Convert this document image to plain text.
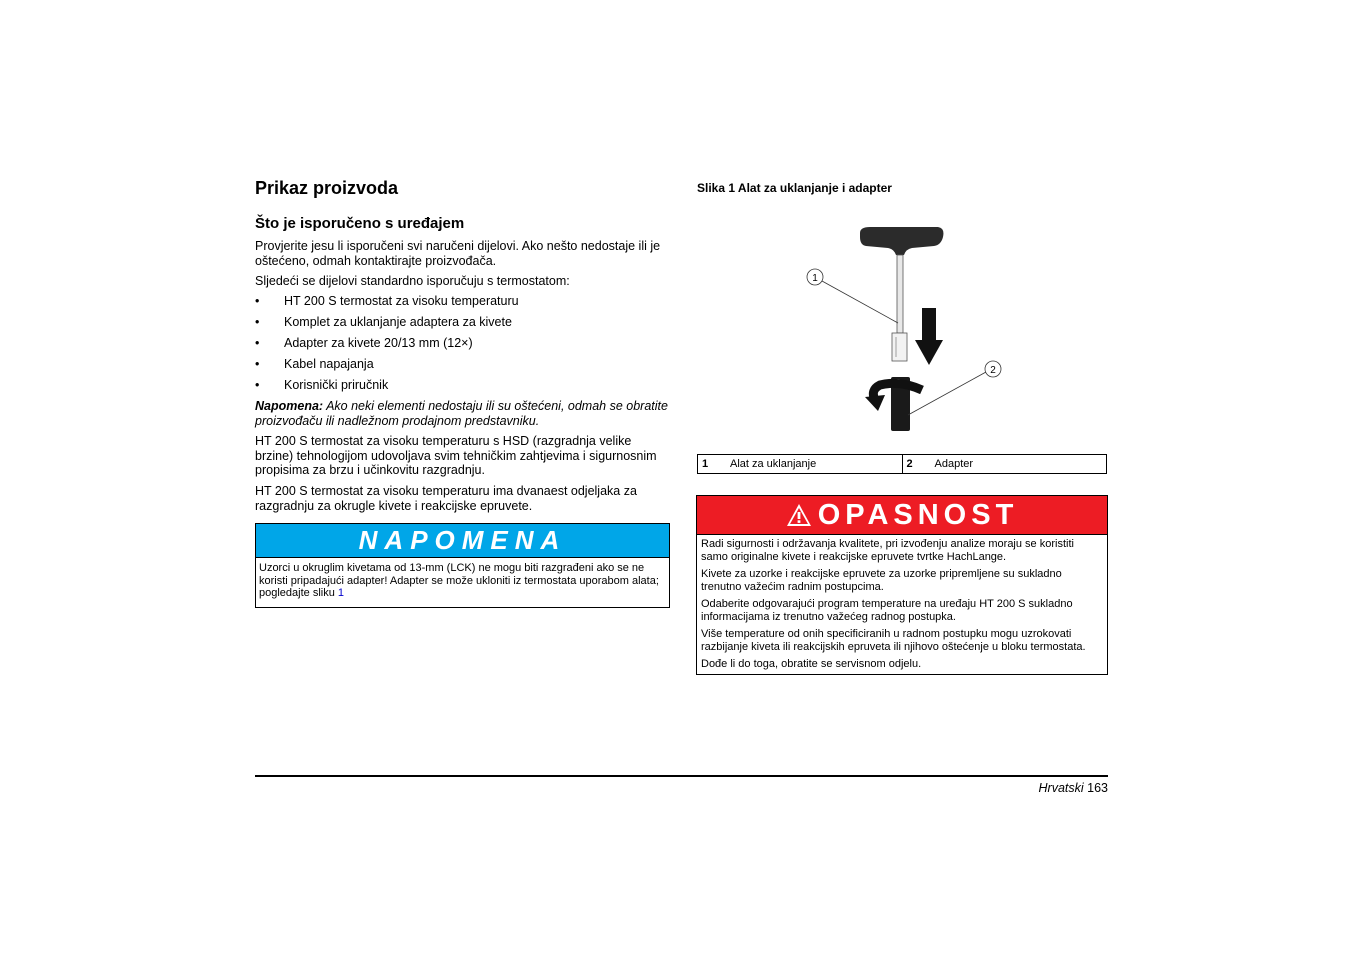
Prikaz proizvoda
Što je isporučeno s uređajem

Provjerite jesu li isporučeni svi naručeni dijelovi. Ako nešto nedostaje ili je oštećeno, odmah kontaktirajte proizvođača.

Sljedeći se dijelovi standardno isporučuju s termostatom:

• HT 200 S termostat za visoku temperaturu
• Komplet za uklanjanje adaptera za kivete
• Adapter za kivete 20/13 mm (12×)
• Kabel napajanja
• Korisnički priručnik

Napomena: Ako neki elementi nedostaju ili su oštećeni, odmah se obratite proizvođaču ili nadležnom prodajnom predstavniku.

HT 200 S termostat za visoku temperaturu s HSD (razgradnja velike brzine) tehnologijom udovoljava svim tehničkim zahtjevima i sigurnosnim propisima za brzu i učinkovitu razgradnju.

HT 200 S termostat za visoku temperaturu ima dvanaest odjeljaka za razgradnju za okrugle kivete i reakcijske epruvete.

NAPOMENA
Uzorci u okruglim kivetama od 13-mm (LCK) ne mogu biti razgrađeni ako se ne koristi pripadajući adapter! Adapter se može ukloniti iz termostata uporabom alata; pogledajte sliku 1

Slika 1 Alat za uklanjanje i adapter

1
2
1	Alat za uklanjanje	2	Adapter
OPASNOST

Radi sigurnosti i održavanja kvalitete, pri izvođenju analize moraju se koristiti samo originalne kivete i reakcijske epruvete tvrtke HachLange.

Kivete za uzorke i reakcijske epruvete za uzorke pripremljene su sukladno trenutno važećim radnim postupcima.

Odaberite odgovarajući program temperature na uređaju HT 200 S sukladno informacijama iz trenutno važećeg radnog postupka.

Više temperature od onih specificiranih u radnom postupku mogu uzrokovati razbijanje kiveta ili reakcijskih epruveta ili njihovo oštećenje u bloku termostata.

Dođe li do toga, obratite se servisnom odjelu.

Hrvatski 163
